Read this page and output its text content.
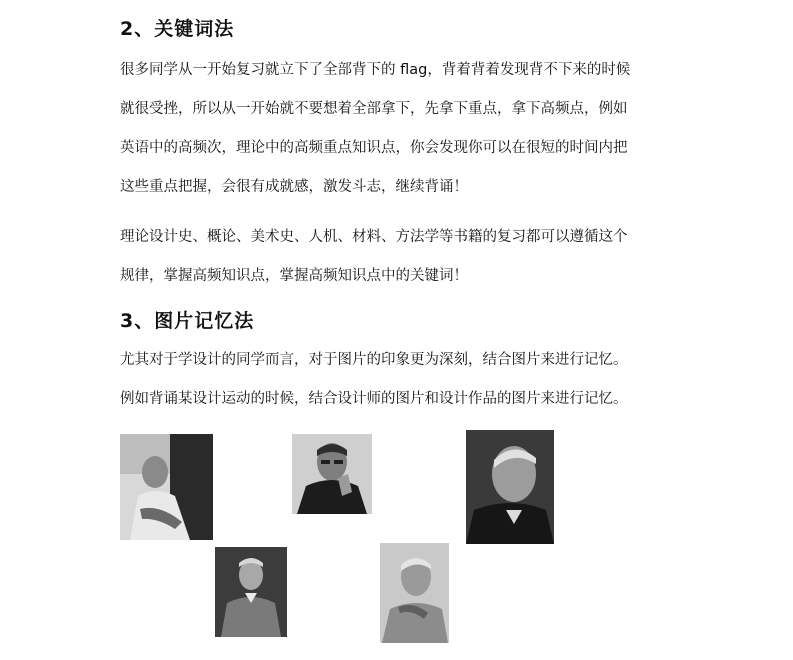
2、关键词法
很多同学从一开始复习就立下了全部背下的 flag，背着背着发现背不下来的时候
就很受挫，所以从一开始就不要想着全部拿下，先拿下重点，拿下高频点，例如
英语中的高频次，理论中的高频重点知识点，你会发现你可以在很短的时间内把
这些重点把握，会很有成就感，激发斗志，继续背诵！
理论设计史、概论、美术史、人机、材料、方法学等书籍的复习都可以遵循这个
规律，掌握高频知识点，掌握高频知识点中的关键词！
3、图片记忆法
尤其对于学设计的同学而言，对于图片的印象更为深刻，结合图片来进行记忆。
例如背诵某设计运动的时候，结合设计师的图片和设计作品的图片来进行记忆。
